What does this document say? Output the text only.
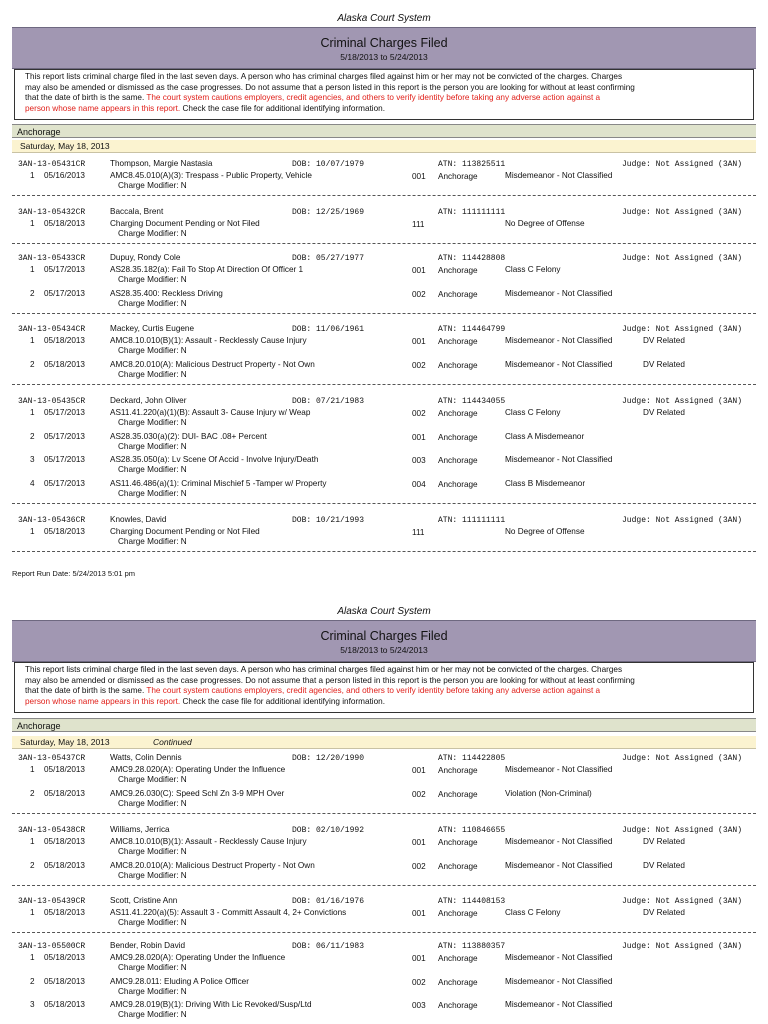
Alaska Court System
Criminal Charges Filed
5/18/2013 to 5/24/2013
This report lists criminal charge filed in the last seven days. A person who has criminal charges filed against him or her may not be convicted of the charges. Charges
may also be amended or dismissed as the case progresses. Do not assume that a person listed in this report is the person you are looking for without at least confirming
that the date of birth is the same. The court system cautions employers, credit agencies, and others to verify identity before taking any adverse action against a
person whose name appears in this report. Check the case file for additional identifying information.
Anchorage
Saturday, May 18, 2013
3AN-13-05431CR	Thompson, Margie Nastasia	DOB: 10/07/1979	ATN: 113825511	Judge: Not Assigned (3AN)
1 05/16/2013	AMC8.45.010(A)(3): Trespass - Public Property, Vehicle	001 Anchorage	Misdemeanor - Not Classified
Charge Modifier: N
3AN-13-05432CR	Baccala, Brent	DOB: 12/25/1969	ATN: 111111111	Judge: Not Assigned (3AN)
1 05/18/2013	Charging Document Pending or Not Filed	111	No Degree of Offense
Charge Modifier: N
3AN-13-05433CR	Dupuy, Rondy Cole	DOB: 05/27/1977	ATN: 114428808	Judge: Not Assigned (3AN)
1 05/17/2013	AS28.35.182(a): Fail To Stop At Direction Of Officer 1	001 Anchorage	Class C Felony
Charge Modifier: N
2 05/17/2013	AS28.35.400: Reckless Driving	002 Anchorage	Misdemeanor - Not Classified
Charge Modifier: N
3AN-13-05434CR	Mackey, Curtis Eugene	DOB: 11/06/1961	ATN: 114464799	Judge: Not Assigned (3AN)
1 05/18/2013	AMC8.10.010(B)(1): Assault - Recklessly Cause Injury	001 Anchorage	Misdemeanor - Not Classified	DV Related
Charge Modifier: N
2 05/18/2013	AMC8.20.010(A): Malicious Destruct Property - Not Own	002 Anchorage	Misdemeanor - Not Classified	DV Related
Charge Modifier: N
3AN-13-05435CR	Deckard, John Oliver	DOB: 07/21/1983	ATN: 114434055	Judge: Not Assigned (3AN)
1 05/17/2013	AS11.41.220(a)(1)(B): Assault 3- Cause Injury w/ Weap	002 Anchorage	Class C Felony	DV Related
Charge Modifier: N
2 05/17/2013	AS28.35.030(a)(2): DUI- BAC .08+ Percent	001 Anchorage	Class A Misdemeanor
Charge Modifier: N
3 05/17/2013	AS28.35.050(a): Lv Scene Of Accid - Involve Injury/Death	003 Anchorage	Misdemeanor - Not Classified
Charge Modifier: N
4 05/17/2013	AS11.46.486(a)(1): Criminal Mischief 5 -Tamper w/ Property	004 Anchorage	Class B Misdemeanor
Charge Modifier: N
3AN-13-05436CR	Knowles, David	DOB: 10/21/1993	ATN: 111111111	Judge: Not Assigned (3AN)
1 05/18/2013	Charging Document Pending or Not Filed	111	No Degree of Offense
Charge Modifier: N
Report Run Date: 5/24/2013 5:01 pm
Alaska Court System
Criminal Charges Filed
5/18/2013 to 5/24/2013
This report lists criminal charge filed in the last seven days. A person who has criminal charges filed against him or her may not be convicted of the charges. Charges
may also be amended or dismissed as the case progresses. Do not assume that a person listed in this report is the person you are looking for without at least confirming
that the date of birth is the same. The court system cautions employers, credit agencies, and others to verify identity before taking any adverse action against a
person whose name appears in this report. Check the case file for additional identifying information.
Anchorage
Saturday, May 18, 2013	Continued
3AN-13-05437CR	Watts, Colin Dennis	DOB: 12/20/1990	ATN: 114422805	Judge: Not Assigned (3AN)
1 05/18/2013	AMC9.28.020(A): Operating Under the Influence	001 Anchorage	Misdemeanor - Not Classified
Charge Modifier: N
2 05/18/2013	AMC9.26.030(C): Speed Schl Zn 3-9 MPH Over	002 Anchorage	Violation (Non-Criminal)
Charge Modifier: N
3AN-13-05438CR	Williams, Jerrica	DOB: 02/10/1992	ATN: 110846655	Judge: Not Assigned (3AN)
1 05/18/2013	AMC8.10.010(B)(1): Assault - Recklessly Cause Injury	001 Anchorage	Misdemeanor - Not Classified	DV Related
Charge Modifier: N
2 05/18/2013	AMC8.20.010(A): Malicious Destruct Property - Not Own	002 Anchorage	Misdemeanor - Not Classified	DV Related
Charge Modifier: N
3AN-13-05439CR	Scott, Cristine Ann	DOB: 01/16/1976	ATN: 114408153	Judge: Not Assigned (3AN)
1 05/18/2013	AS11.41.220(a)(5): Assault 3 - Committ Assault 4, 2+ Convictions	001 Anchorage	Class C Felony	DV Related
Charge Modifier: N
3AN-13-05500CR	Bender, Robin David	DOB: 06/11/1983	ATN: 113880357	Judge: Not Assigned (3AN)
1 05/18/2013	AMC9.28.020(A): Operating Under the Influence	001 Anchorage	Misdemeanor - Not Classified
Charge Modifier: N
2 05/18/2013	AMC9.28.011: Eluding A Police Officer	002 Anchorage	Misdemeanor - Not Classified
Charge Modifier: N
3 05/18/2013	AMC9.28.019(B)(1): Driving With Lic Revoked/Susp/Ltd	003 Anchorage	Misdemeanor - Not Classified
Charge Modifier: N
